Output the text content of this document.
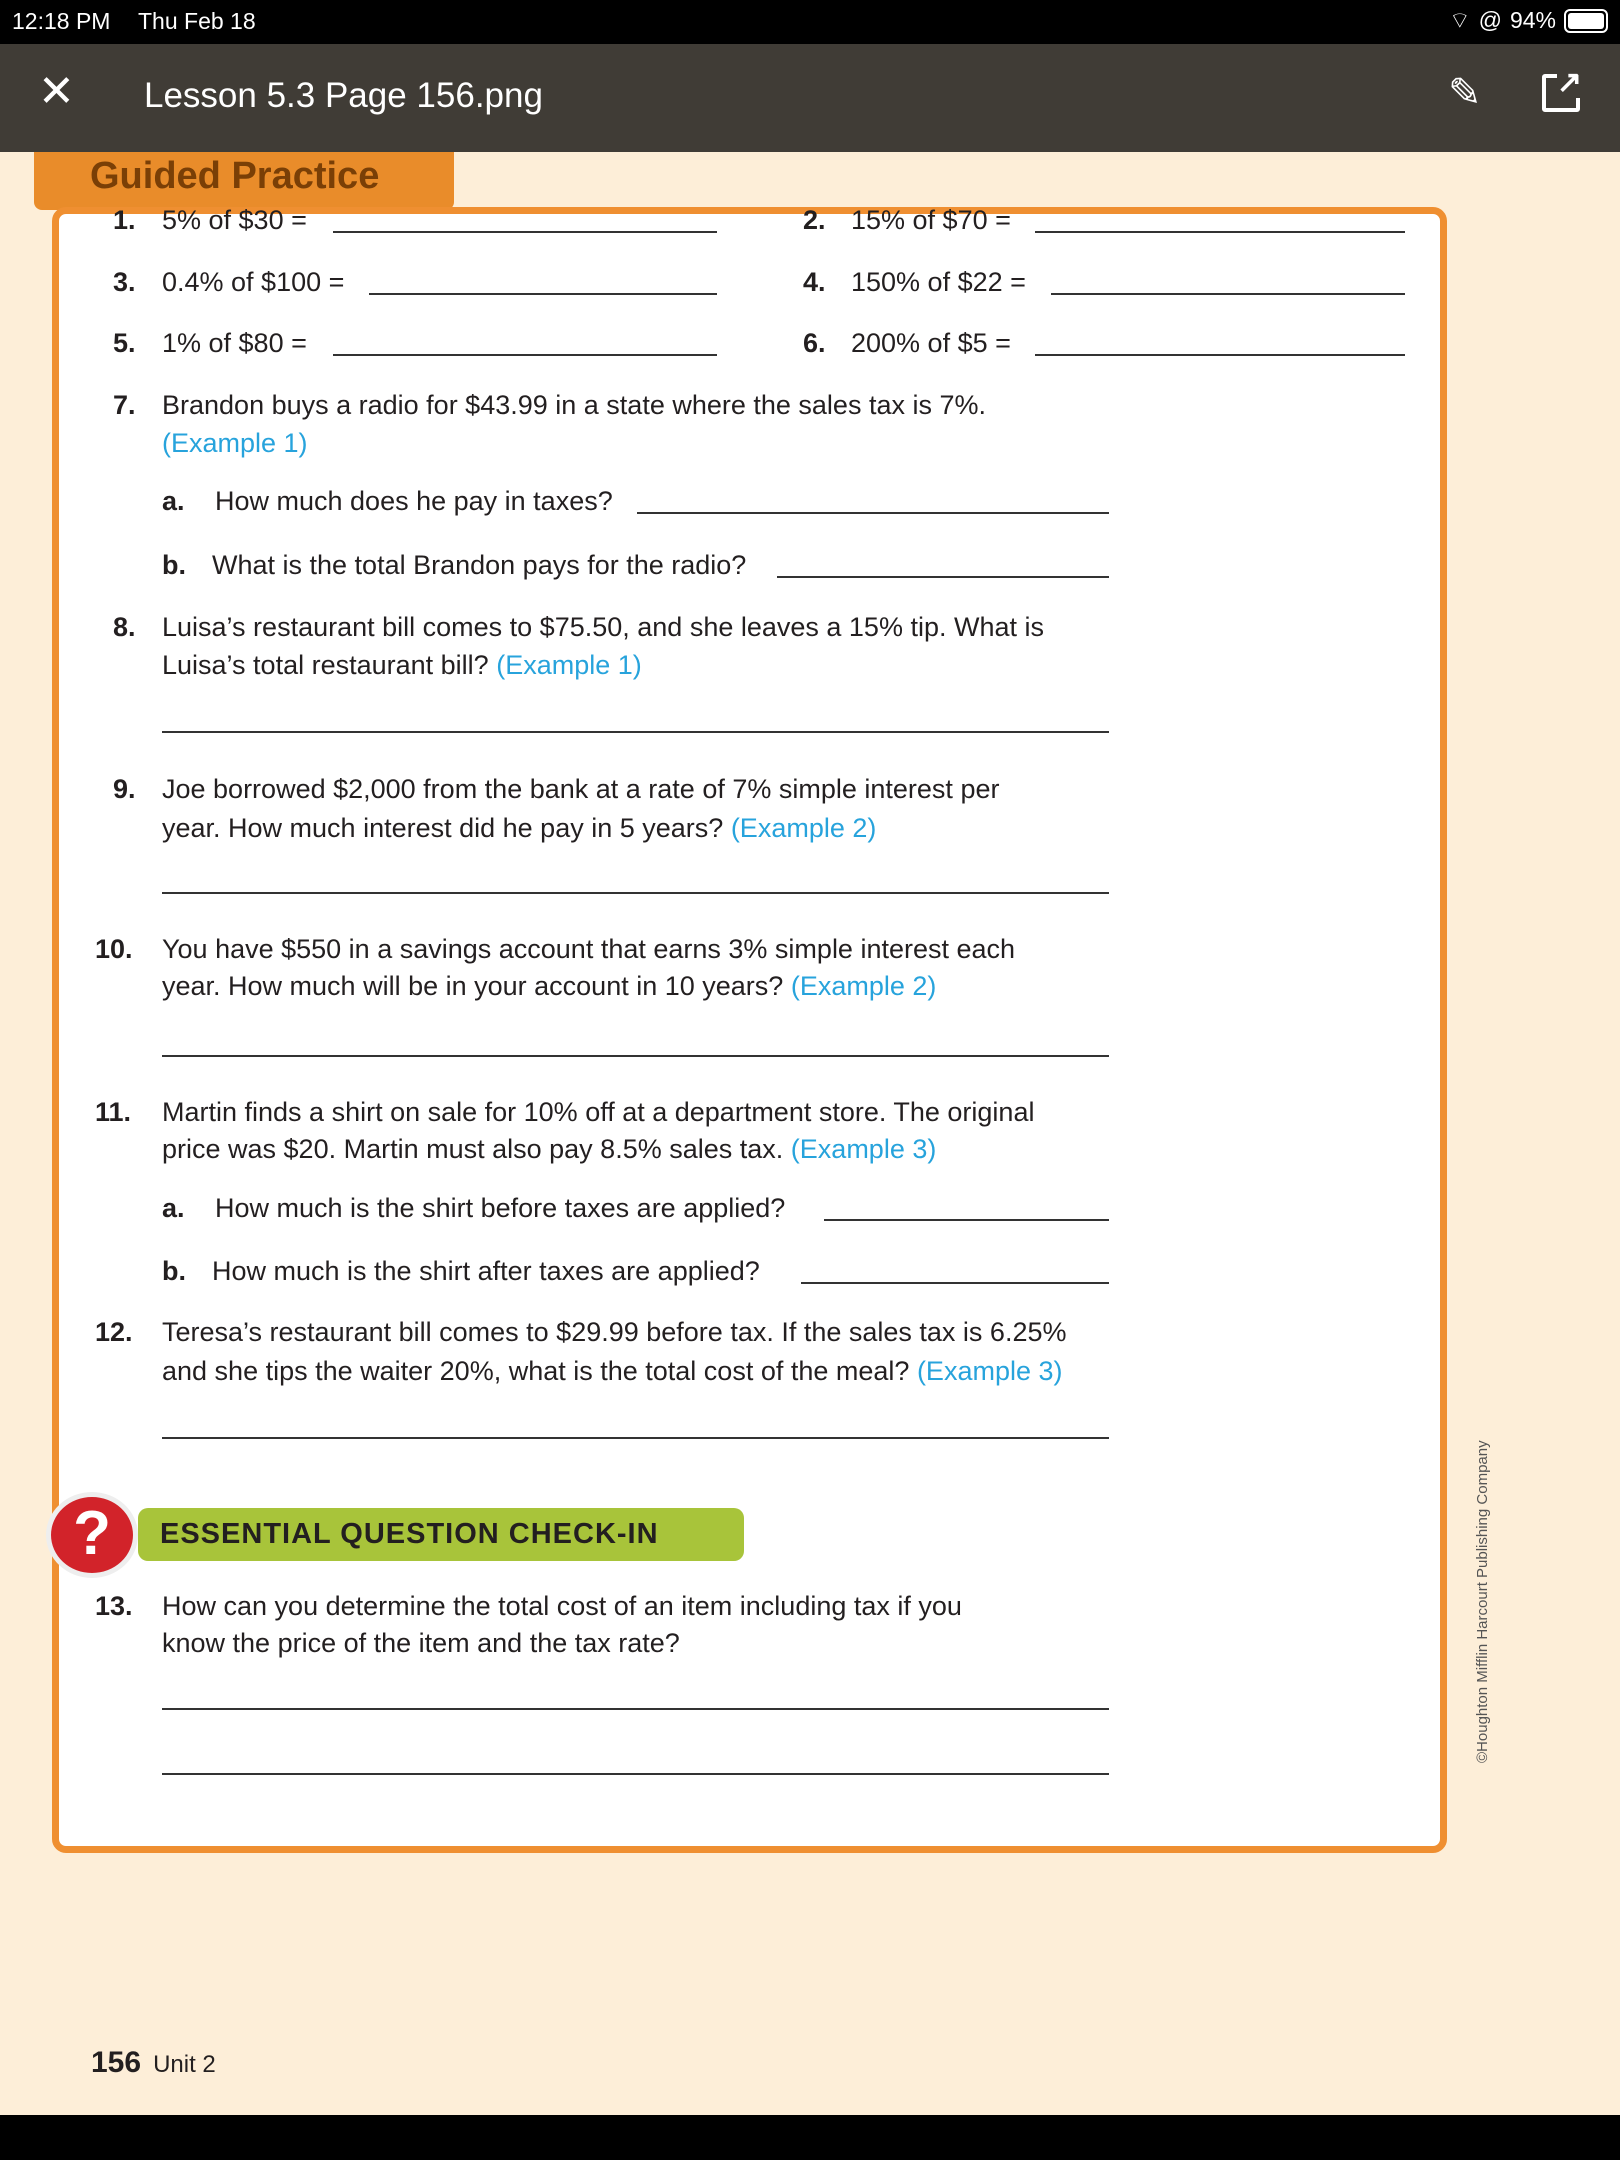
12:18 PM Thu Feb 18	⌔ @ 94%
✕ Lesson 5.3 Page 156.png	✎	↗
Guided Practice
1. 5% of $30 =	2. 15% of $70 =
3. 0.4% of $100 =	4. 150% of $22 =
5. 1% of $80 =	6. 200% of $5 =
7. Brandon buys a radio for $43.99 in a state where the sales tax is 7%.
(Example 1)
a. How much does he pay in taxes?
b. What is the total Brandon pays for the radio?
8. Luisa’s restaurant bill comes to $75.50, and she leaves a 15% tip. What is
Luisa’s total restaurant bill? (Example 1)
9. Joe borrowed $2,000 from the bank at a rate of 7% simple interest per
year. How much interest did he pay in 5 years? (Example 2)
10. You have $550 in a savings account that earns 3% simple interest each
year. How much will be in your account in 10 years? (Example 2)
11. Martin finds a shirt on sale for 10% off at a department store. The original
price was $20. Martin must also pay 8.5% sales tax. (Example 3)
a. How much is the shirt before taxes are applied?
b. How much is the shirt after taxes are applied?
12. Teresa’s restaurant bill comes to $29.99 before tax. If the sales tax is 6.25%
and she tips the waiter 20%, what is the total cost of the meal? (Example 3)
13. How can you determine the total cost of an item including tax if you
know the price of the item and the tax rate?
?	ESSENTIAL QUESTION CHECK-IN
156 Unit 2
©Houghton Mifflin Harcourt Publishing Company
